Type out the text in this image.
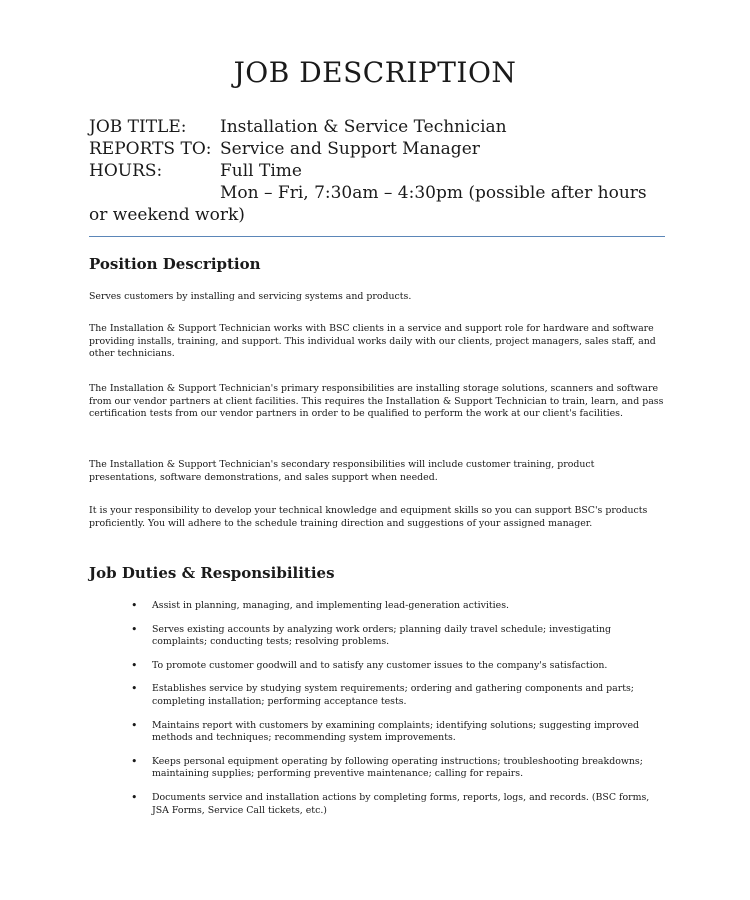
JOB DESCRIPTION
JOB TITLE:	Installation & Service Technician
REPORTS TO: Service and Support Manager
HOURS:	Full Time
Mon – Fri, 7:30am – 4:30pm (possible after hours
or weekend work)
Position Description

Serves customers by installing and servicing systems and products.

The Installation & Support Technician works with BSC clients in a service and support role for hardware and software providing installs, training, and support. This individual works daily with our clients, project managers, sales staff, and other technicians.

The Installation & Support Technician's primary responsibilities are installing storage solutions, scanners and software from our vendor partners at client facilities. This requires the Installation & Support Technician to train, learn, and pass certification tests from our vendor partners in order to be qualified to perform the work at our client's facilities.

The Installation & Support Technician's secondary responsibilities will include customer training, product presentations, software demonstrations, and sales support when needed.

It is your responsibility to develop your technical knowledge and equipment skills so you can support BSC's products proficiently. You will adhere to the schedule training direction and suggestions of your assigned manager.

Job Duties & Responsibilities
• Assist in planning, managing, and implementing lead-generation activities.
• Serves existing accounts by analyzing work orders; planning daily travel schedule; investigating complaints; conducting tests; resolving problems.
• To promote customer goodwill and to satisfy any customer issues to the company's satisfaction.
• Establishes service by studying system requirements; ordering and gathering components and parts; completing installation; performing acceptance tests.
• Maintains report with customers by examining complaints; identifying solutions; suggesting improved methods and techniques; recommending system improvements.
• Keeps personal equipment operating by following operating instructions; troubleshooting breakdowns; maintaining supplies; performing preventive maintenance; calling for repairs.
• Documents service and installation actions by completing forms, reports, logs, and records. (BSC forms, JSA Forms, Service Call tickets, etc.)
